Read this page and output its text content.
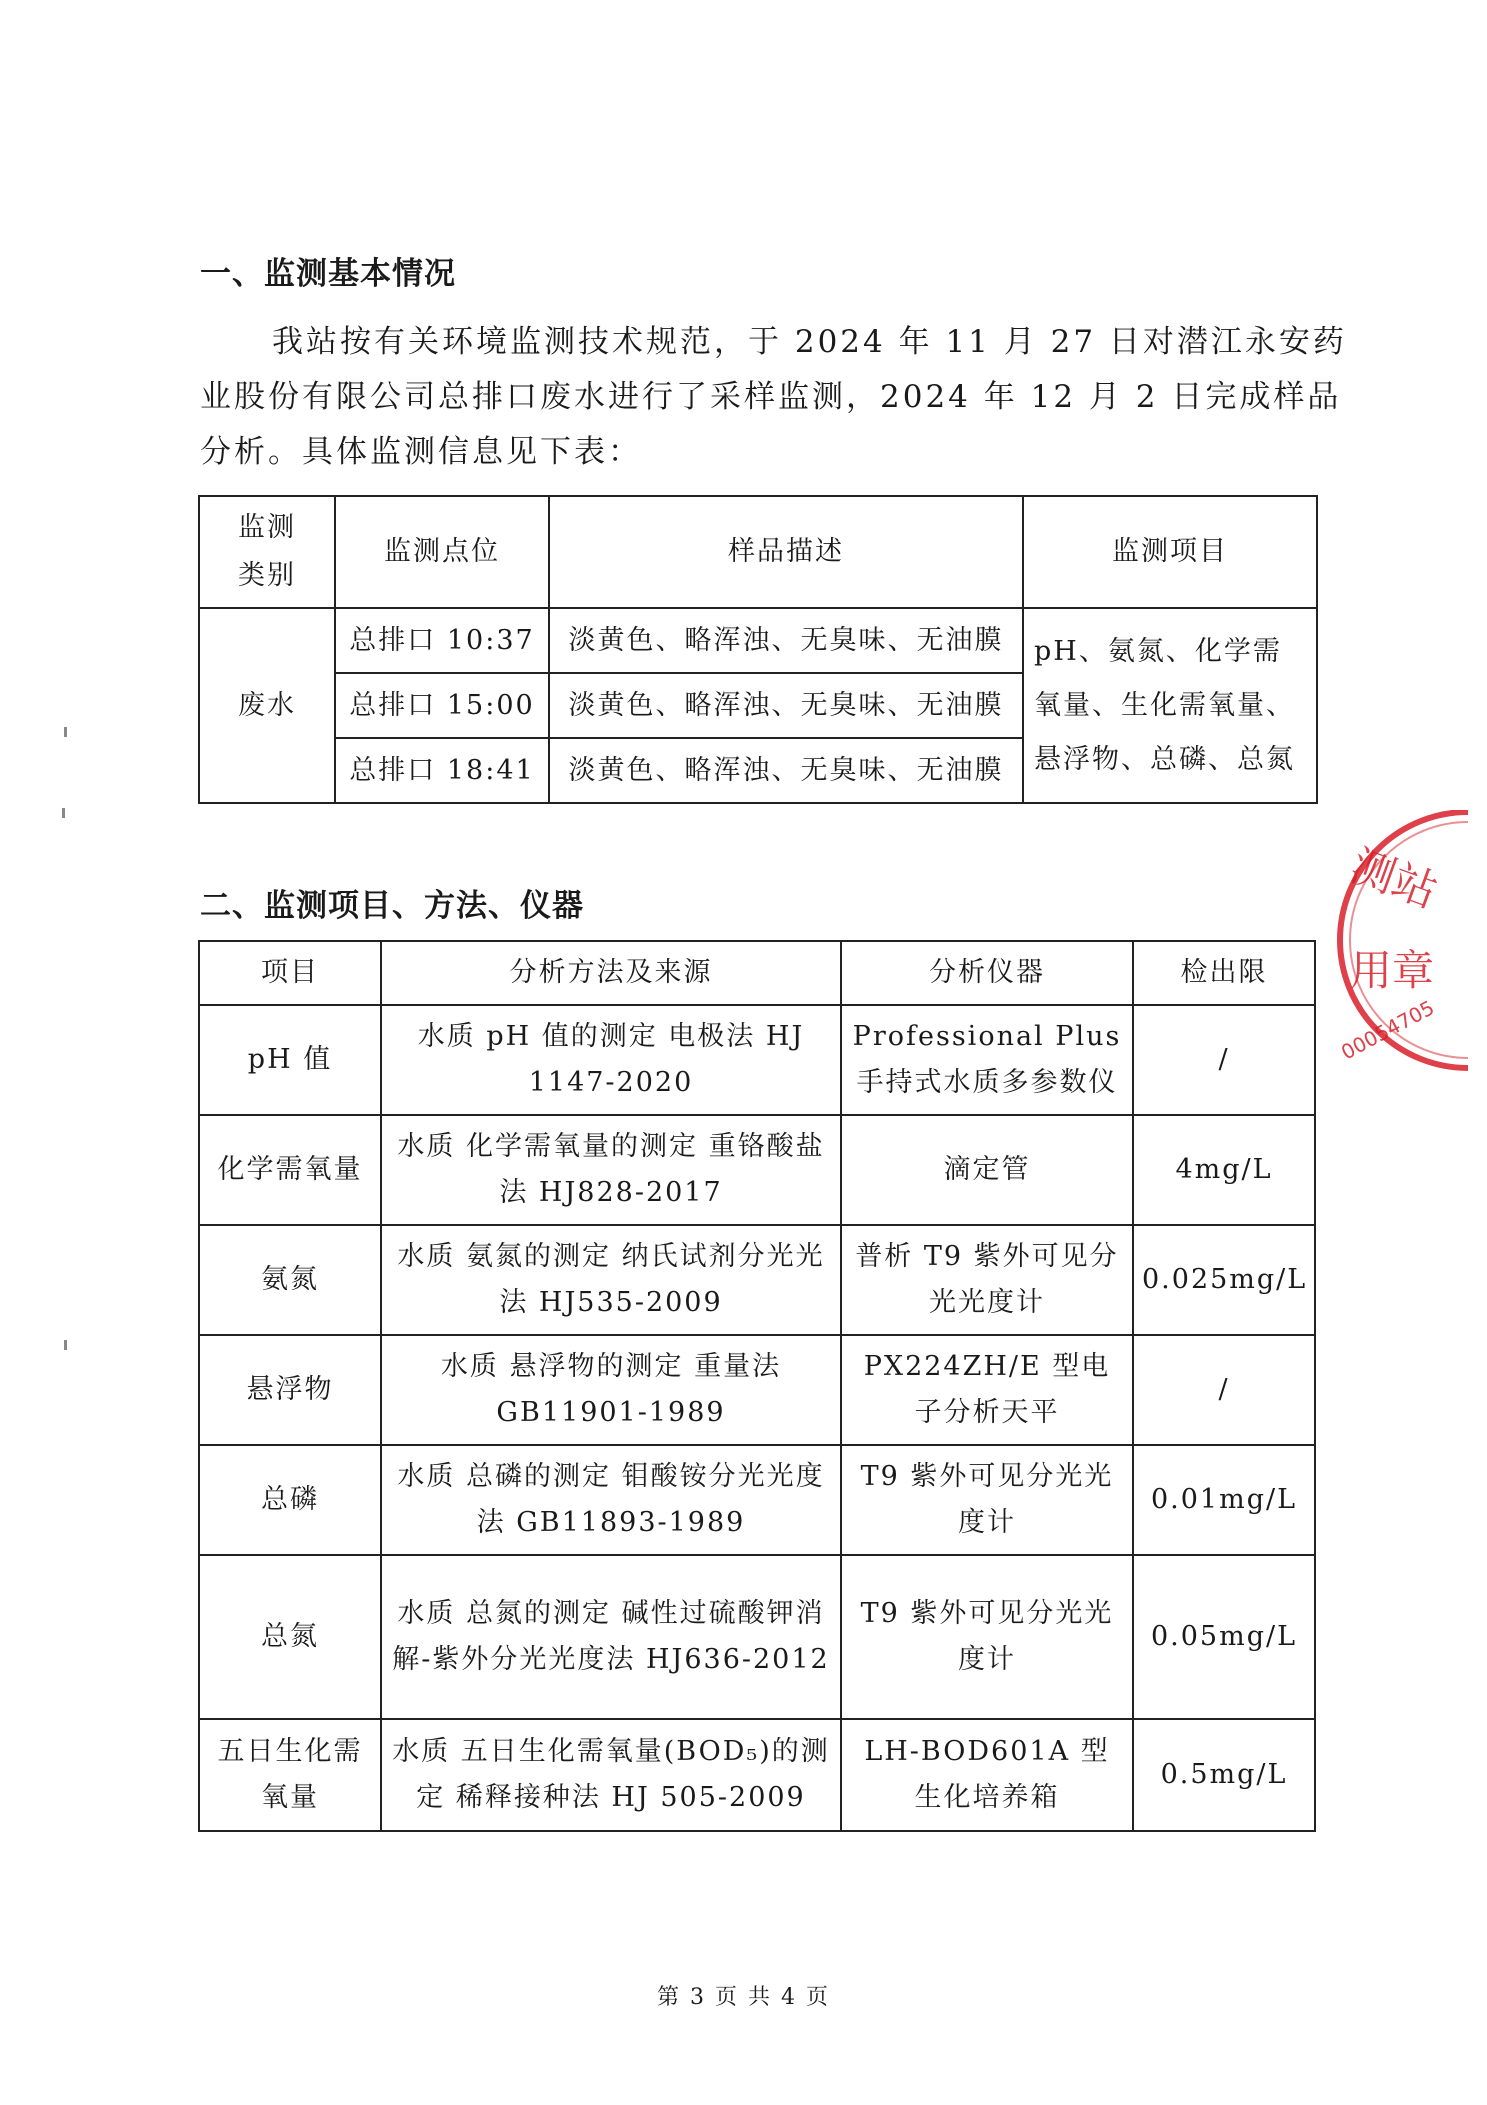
一、监测基本情况

我站按有关环境监测技术规范，于 2024 年 11 月 27 日对潜江永安药
业股份有限公司总排口废水进行了采样监测，2024 年 12 月 2 日完成样品
分析。具体监测信息见下表：

监测类别	监测点位	样品描述	监测项目
废水	总排口 10:37	淡黄色、略浑浊、无臭味、无油膜	pH、氨氮、化学需氧量、生化需氧量、悬浮物、总磷、总氮
	总排口 15:00	淡黄色、略浑浊、无臭味、无油膜	
	总排口 18:41	淡黄色、略浑浊、无臭味、无油膜	
二、监测项目、方法、仪器
项目	分析方法及来源	分析仪器	检出限
pH 值	水质 pH 值的测定 电极法 HJ 1147-2020	Professional Plus 手持式水质多参数仪	/
化学需氧量	水质 化学需氧量的测定 重铬酸盐法 HJ828-2017	滴定管	4mg/L
氨氮	水质 氨氮的测定 纳氏试剂分光光法 HJ535-2009	普析 T9 紫外可见分光光度计	0.025mg/L
悬浮物	水质 悬浮物的测定 重量法 GB11901-1989	PX224ZH/E 型电子分析天平	/
总磷	水质 总磷的测定 钼酸铵分光光度法 GB11893-1989	T9 紫外可见分光光度计	0.01mg/L
总氮	水质 总氮的测定 碱性过硫酸钾消解-紫外分光光度法 HJ636-2012	T9 紫外可见分光光度计	0.05mg/L
五日生化需氧量	水质 五日生化需氧量(BOD₅)的测定 稀释接种法 HJ 505-2009	LH-BOD601A 型生化培养箱	0.5mg/L
测站
用章
00054705
第 3 页 共 4 页
